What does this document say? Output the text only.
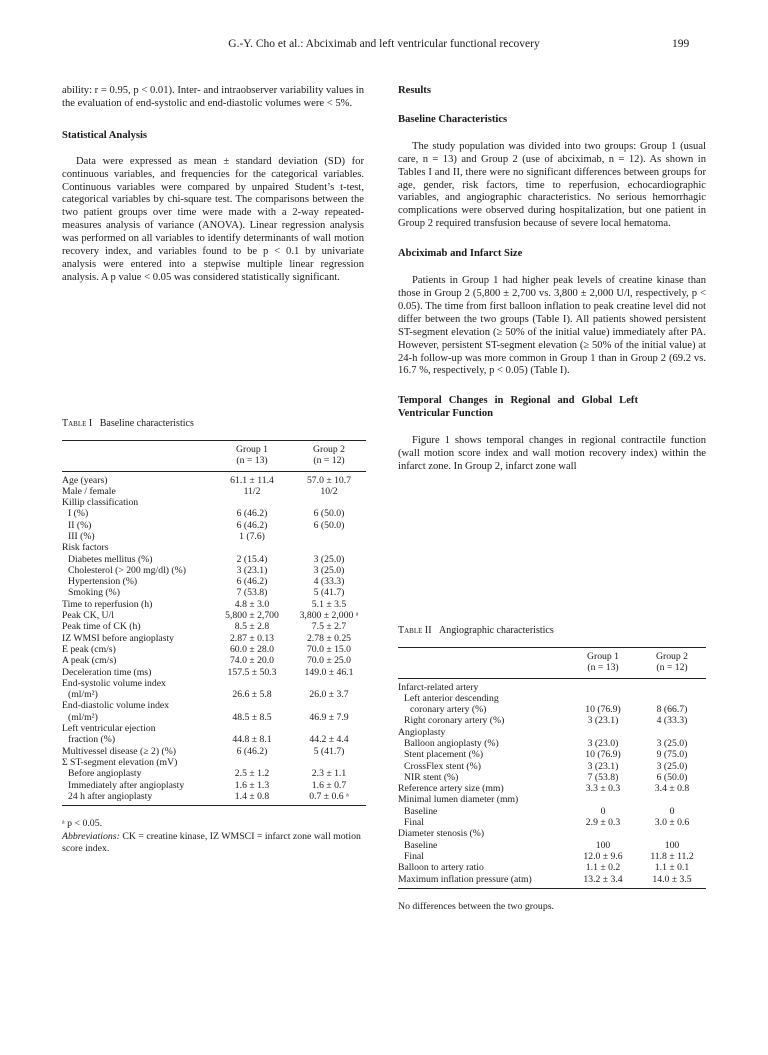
G.-Y. Cho et al.: Abciximab and left ventricular functional recovery	199

ability: r = 0.95, p < 0.01). Inter- and intraobserver variability values in the evaluation of end-systolic and end-diastolic volumes were < 5%.

Statistical Analysis

Data were expressed as mean ± standard deviation (SD) for continuous variables, and frequencies for the categorical variables. Continuous variables were compared by unpaired Student’s t-test, categorical variables by chi-square test. The comparisons between the two patient groups over time were made with a 2-way repeated-measures analysis of variance (ANOVA). Linear regression analysis was performed on all variables to identify determinants of wall motion recovery index, and variables found to be p < 0.1 by univariate analysis were entered into a stepwise multiple linear regression analysis. A p value < 0.05 was considered statistically significant.

Table I Baseline characteristics
	Group 1	Group 2
	(n = 13)	(n = 12)
Age (years)	61.1 ± 11.4	57.0 ± 10.7
Male / female	11/2	10/2
Killip classification		
I (%)	6 (46.2)	6 (50.0)
II (%)	6 (46.2)	6 (50.0)
III (%)	1 (7.6)	
Risk factors		
Diabetes mellitus (%)	2 (15.4)	3 (25.0)
Cholesterol (> 200 mg/dl) (%)	3 (23.1)	3 (25.0)
Hypertension (%)	6 (46.2)	4 (33.3)
Smoking (%)	7 (53.8)	5 (41.7)
Time to reperfusion (h)	4.8 ± 3.0	5.1 ± 3.5
Peak CK, U/l	5,800 ± 2,700	3,800 ± 2,000 ᵃ
Peak time of CK (h)	8.5 ± 2.8	7.5 ± 2.7
IZ WMSI before angioplasty	2.87 ± 0.13	2.78 ± 0.25
E peak (cm/s)	60.0 ± 28.0	70.0 ± 15.0
A peak (cm/s)	74.0 ± 20.0	70.0 ± 25.0
Deceleration time (ms)	157.5 ± 50.3	149.0 ± 46.1
End-systolic volume index		
(ml/m²)	26.6 ± 5.8	26.0 ± 3.7
End-diastolic volume index		
(ml/m²)	48.5 ± 8.5	46.9 ± 7.9
Left ventricular ejection		
fraction (%)	44.8 ± 8.1	44.2 ± 4.4
Multivessel disease (≥ 2) (%)	6 (46.2)	5 (41.7)
Σ ST-segment elevation (mV)		
Before angioplasty	2.5 ± 1.2	2.3 ± 1.1
Immediately after angioplasty	1.6 ± 1.3	1.6 ± 0.7
24 h after angioplasty	1.4 ± 0.8	0.7 ± 0.6 ᵃ
ᵃ p < 0.05.
Abbreviations: CK = creatine kinase, IZ WMSCI = infarct zone wall motion score index.

Results

Baseline Characteristics

The study population was divided into two groups: Group 1 (usual care, n = 13) and Group 2 (use of abciximab, n = 12). As shown in Tables I and II, there were no significant differences between groups for age, gender, risk factors, time to reperfusion, echocardiographic variables, and angiographic characteristics. No serious hemorrhagic complications were observed during hospitalization, but one patient in Group 2 required transfusion because of severe local hematoma.

Abciximab and Infarct Size

Patients in Group 1 had higher peak levels of creatine kinase than those in Group 2 (5,800 ± 2,700 vs. 3,800 ± 2,000 U/l, respectively, p < 0.05). The time from first balloon inflation to peak creatine level did not differ between the two groups (Table I). All patients showed persistent ST-segment elevation (≥ 50% of the initial value) immediately after PA. However, persistent ST-segment elevation (≥ 50% of the initial value) at 24-h follow-up was more common in Group 1 than in Group 2 (69.2 vs. 16.7 %, respectively, p < 0.05) (Table I).

Temporal Changes in Regional and Global Left Ventricular Function

Figure 1 shows temporal changes in regional contractile function (wall motion score index and wall motion recovery index) within the infarct zone. In Group 2, infarct zone wall

Table II Angiographic characteristics
	Group 1	Group 2
	(n = 13)	(n = 12)
Infarct-related artery		
Left anterior descending		
coronary artery (%)	10 (76.9)	8 (66.7)
Right coronary artery (%)	3 (23.1)	4 (33.3)
Angioplasty		
Balloon angioplasty (%)	3 (23.0)	3 (25.0)
Stent placement (%)	10 (76.9)	9 (75.0)
CrossFlex stent (%)	3 (23.1)	3 (25.0)
NIR stent (%)	7 (53.8)	6 (50.0)
Reference artery size (mm)	3.3 ± 0.3	3.4 ± 0.8
Minimal lumen diameter (mm)		
Baseline	0	0
Final	2.9 ± 0.3	3.0 ± 0.6
Diameter stenosis (%)		
Baseline	100	100
Final	12.0 ± 9.6	11.8 ± 11.2
Balloon to artery ratio	1.1 ± 0.2	1.1 ± 0.1
Maximum inflation pressure (atm)	13.2 ± 3.4	14.0 ± 3.5
No differences between the two groups.
